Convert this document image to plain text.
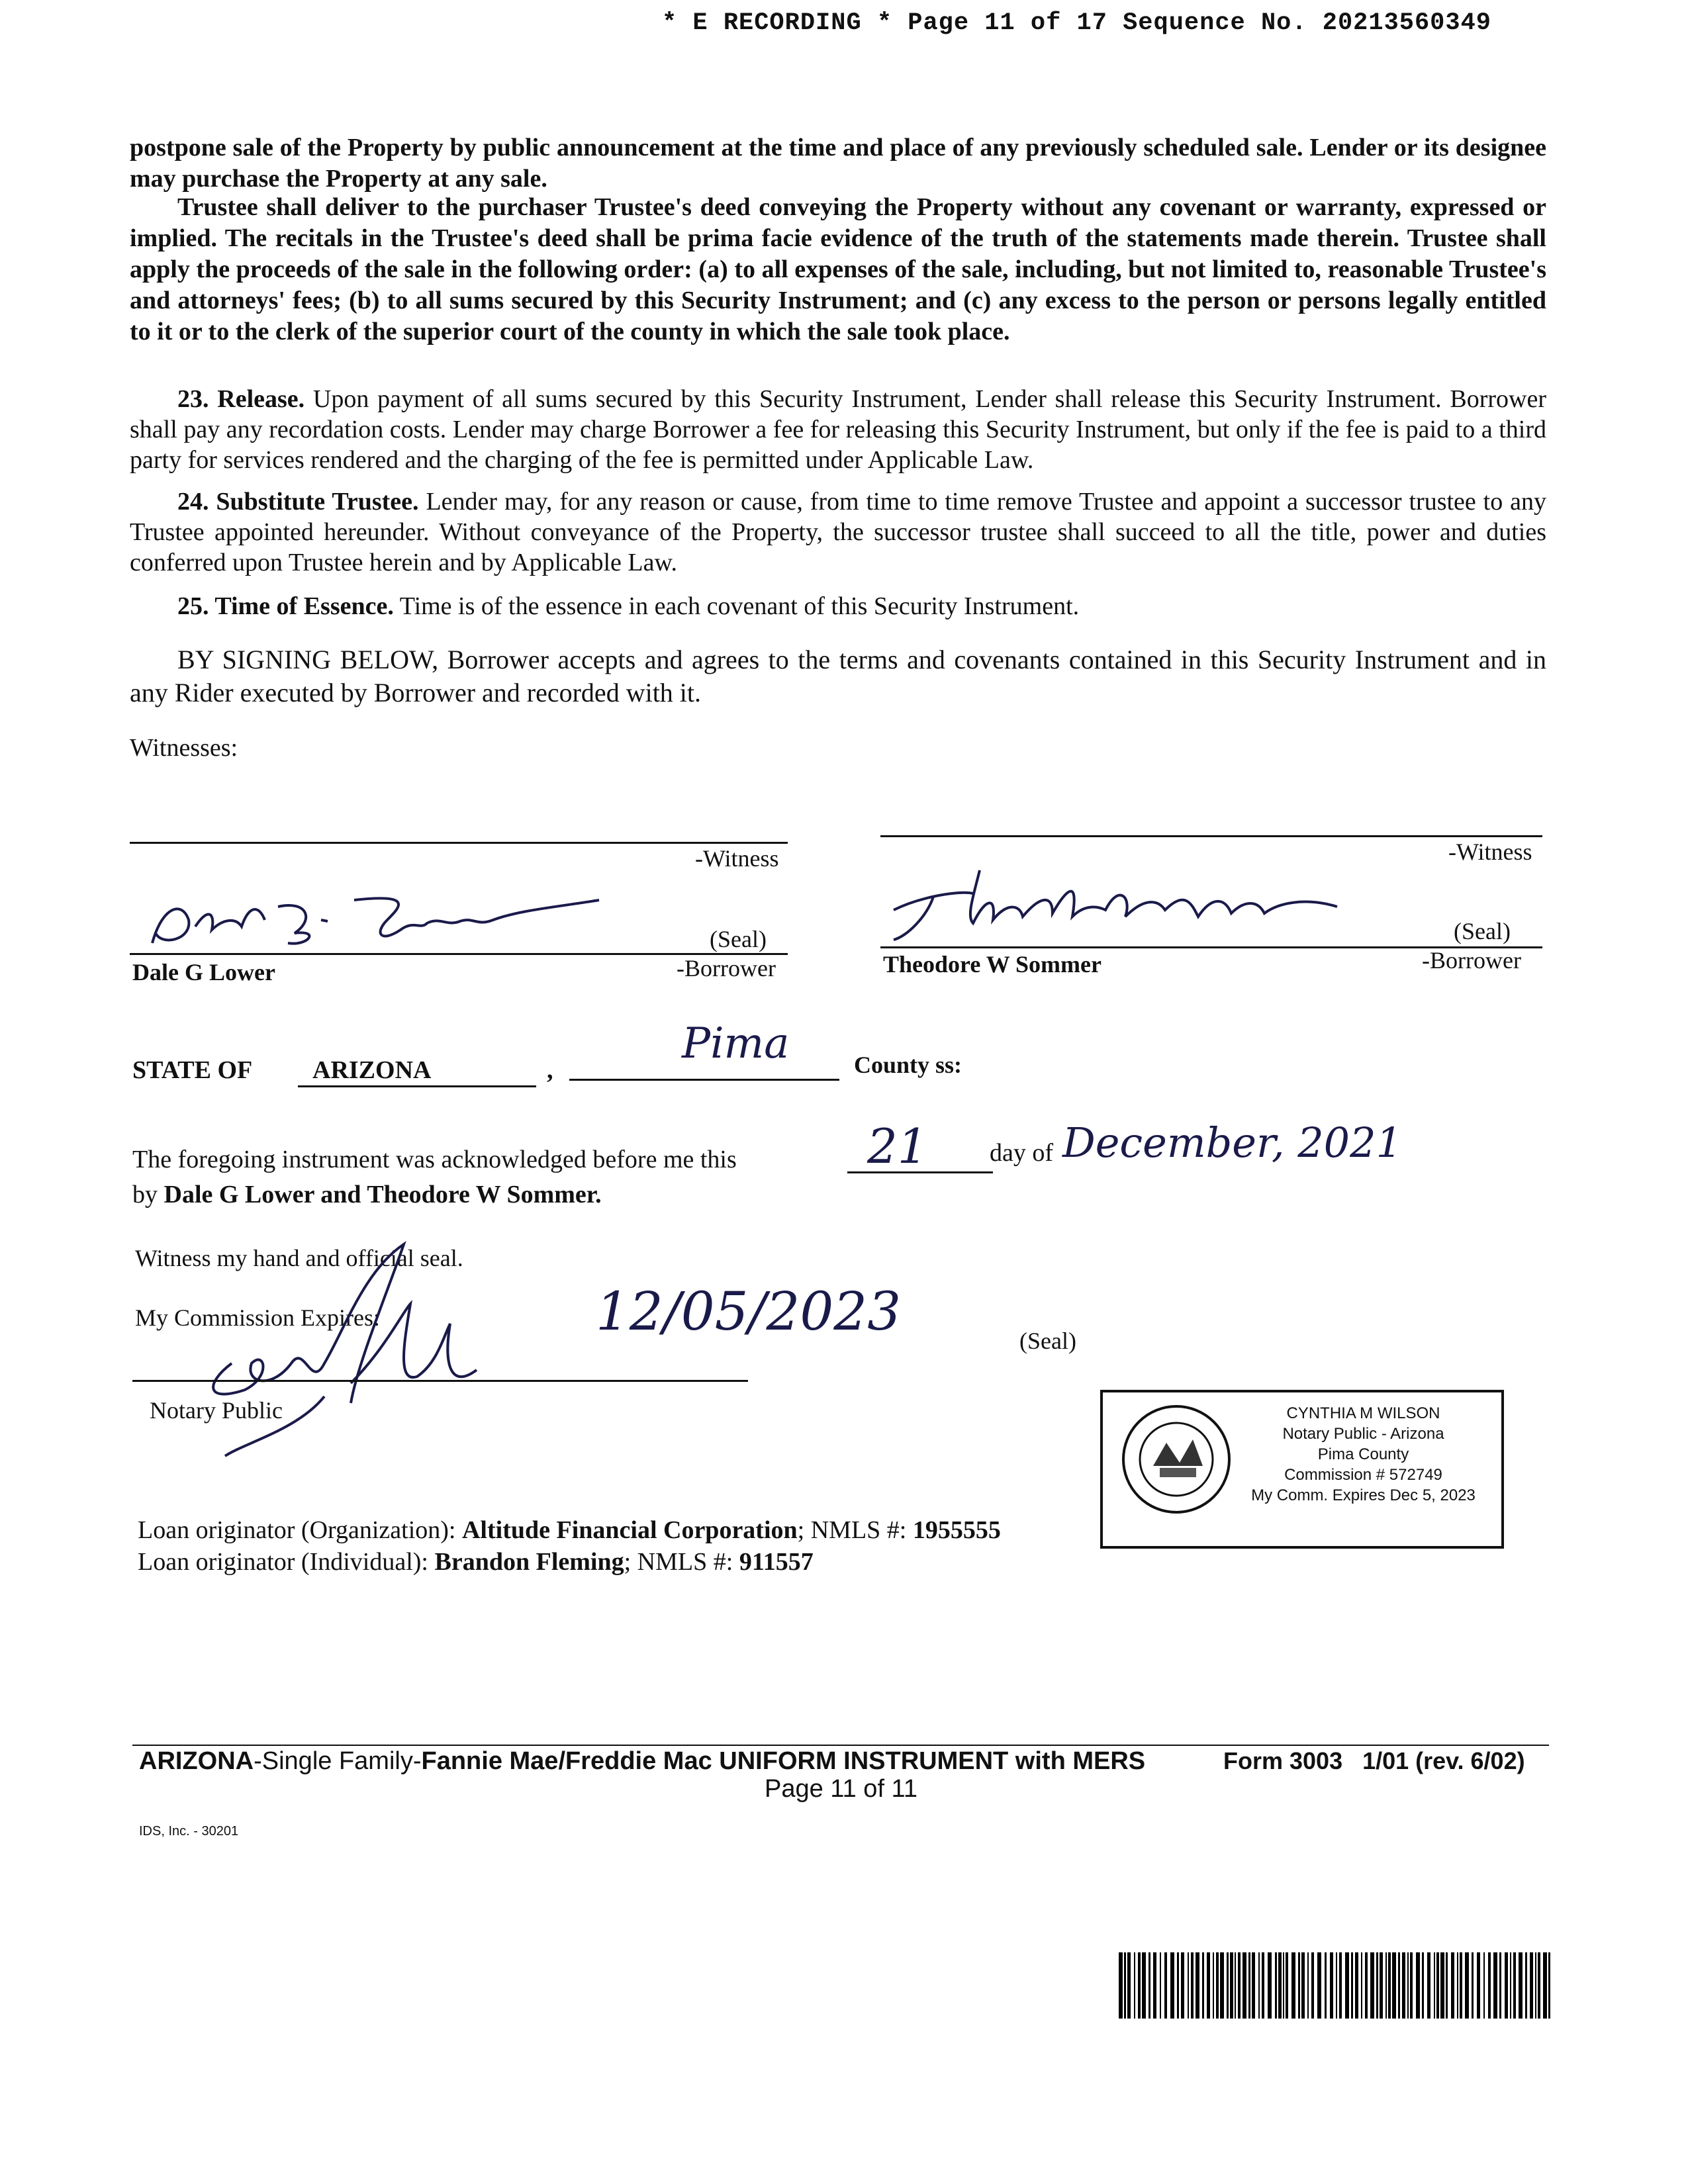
* E RECORDING * Page 11 of 17 Sequence No. 20213560349
postpone sale of the Property by public announcement at the time and place of any previously scheduled sale. Lender or its designee may purchase the Property at any sale.
Trustee shall deliver to the purchaser Trustee's deed conveying the Property without any covenant or warranty, expressed or implied. The recitals in the Trustee's deed shall be prima facie evidence of the truth of the statements made therein. Trustee shall apply the proceeds of the sale in the following order: (a) to all expenses of the sale, including, but not limited to, reasonable Trustee's and attorneys' fees; (b) to all sums secured by this Security Instrument; and (c) any excess to the person or persons legally entitled to it or to the clerk of the superior court of the county in which the sale took place.
23. Release. Upon payment of all sums secured by this Security Instrument, Lender shall release this Security Instrument. Borrower shall pay any recordation costs. Lender may charge Borrower a fee for releasing this Security Instrument, but only if the fee is paid to a third party for services rendered and the charging of the fee is permitted under Applicable Law.
24. Substitute Trustee. Lender may, for any reason or cause, from time to time remove Trustee and appoint a successor trustee to any Trustee appointed hereunder. Without conveyance of the Property, the successor trustee shall succeed to all the title, power and duties conferred upon Trustee herein and by Applicable Law.
25. Time of Essence. Time is of the essence in each covenant of this Security Instrument.
BY SIGNING BELOW, Borrower accepts and agrees to the terms and covenants contained in this Security Instrument and in any Rider executed by Borrower and recorded with it.
Witnesses:
-Witness	-Witness
(Seal)
Dale G Lower	-Borrower
(Seal)
Theodore W Sommer	-Borrower
STATE OF ARIZONA	,
Pima	County ss:
The foregoing instrument was acknowledged before me this	21 day of December, 2021
by Dale G Lower and Theodore W Sommer.
Witness my hand and official seal.
My Commission Expires:	12/05/2023	(Seal)
Notary Public	CYNTHIA M WILSON
Notary Public - Arizona
Pima County
Commission # 572749
My Comm. Expires Dec 5, 2023
Loan originator (Organization): Altitude Financial Corporation; NMLS #: 1955555
Loan originator (Individual): Brandon Fleming; NMLS #: 911557
ARIZONA-Single Family-Fannie Mae/Freddie Mac UNIFORM INSTRUMENT with MERS	Form 3003   1/01 (rev. 6/02)
Page 11 of 11
IDS, Inc. - 30201
